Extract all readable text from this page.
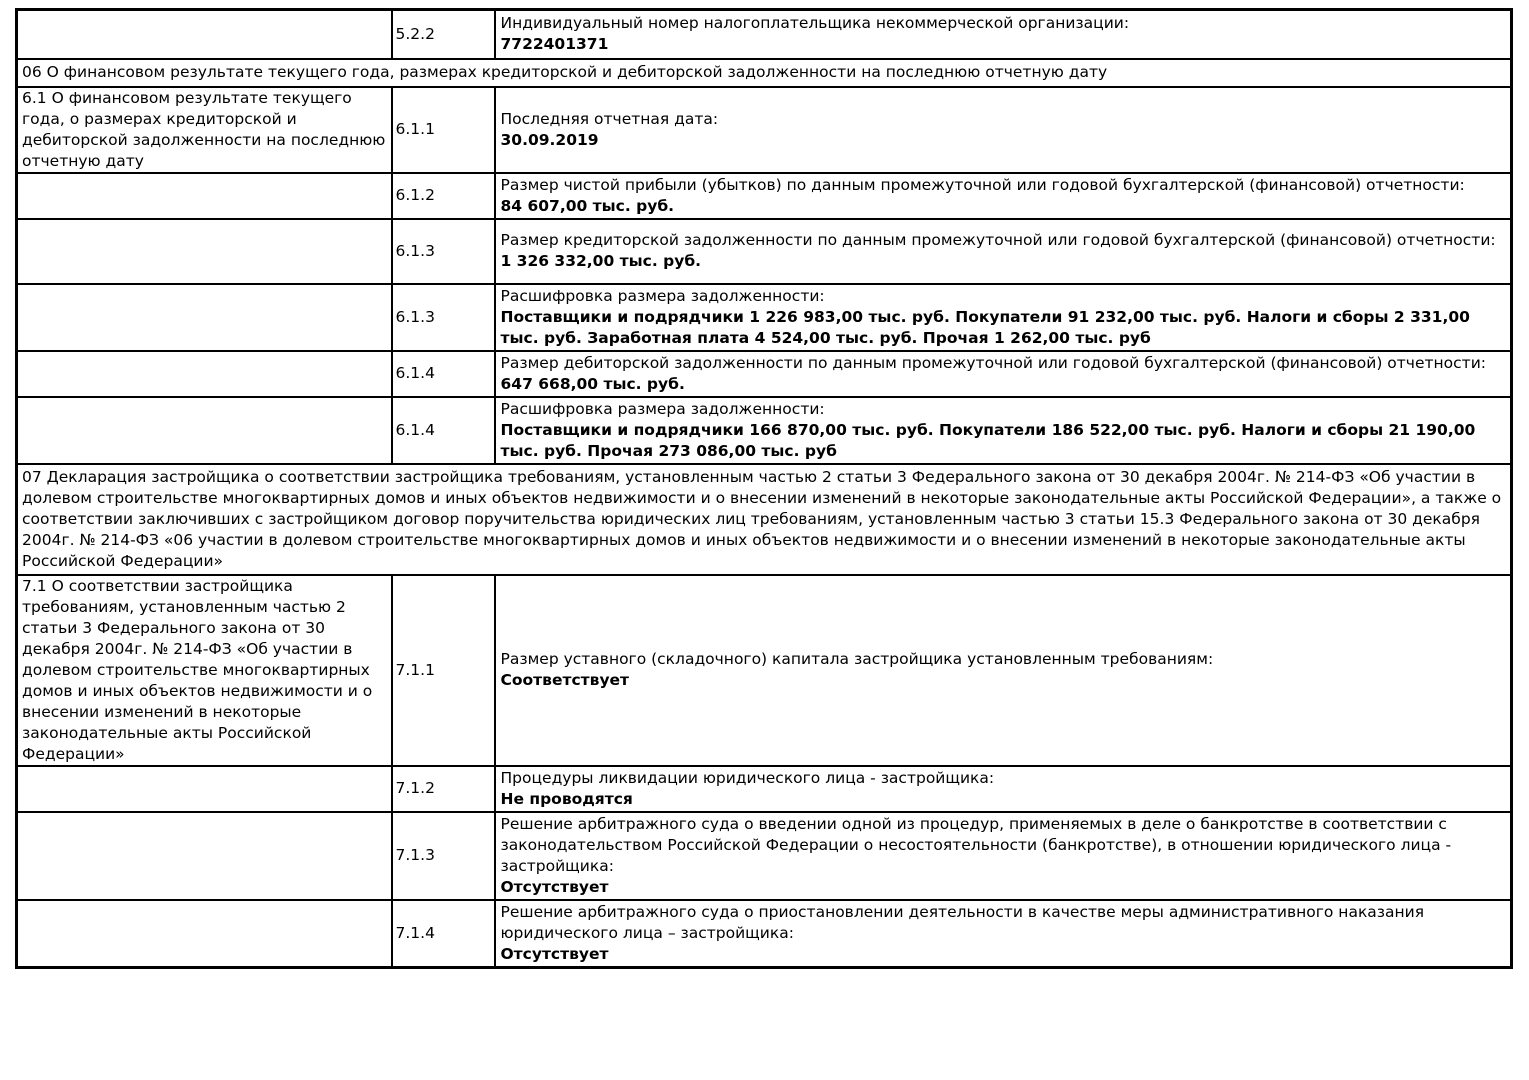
	5.2.2	Индивидуальный номер налогоплательщика некоммерческой организации:
7722401371

06 О финансовом результате текущего года, размерах кредиторской и дебиторской задолженности на последнюю отчетную дату		
6.1 О финансовом результате текущего года, о размерах кредиторской и дебиторской задолженности на последнюю отчетную дату	6.1.1	Последняя отчетная дата:
30.09.2019

	6.1.2	Размер чистой прибыли (убытков) по данным промежуточной или годовой бухгалтерской (финансовой) отчетности:
84 607,00 тыс. руб.

	6.1.3	Размер кредиторской задолженности по данным промежуточной или годовой бухгалтерской (финансовой) отчетности:
1 326 332,00 тыс. руб.

	6.1.3	Расшифровка размера задолженности:
Поставщики и подрядчики 1 226 983,00 тыс. руб. Покупатели 91 232,00 тыс. руб. Налоги и сборы 2 331,00 тыс. руб. Заработная плата 4 524,00 тыс. руб. Прочая 1 262,00 тыс. руб

	6.1.4	Размер дебиторской задолженности по данным промежуточной или годовой бухгалтерской (финансовой) отчетности:
647 668,00 тыс. руб.

	6.1.4	Расшифровка размера задолженности:
Поставщики и подрядчики 166 870,00 тыс. руб. Покупатели 186 522,00 тыс. руб. Налоги и сборы 21 190,00 тыс. руб. Прочая 273 086,00 тыс. руб

07 Декларация застройщика о соответствии застройщика требованиям, установленным частью 2 статьи 3 Федерального закона от 30 декабря 2004г. № 214-ФЗ «Об участии в долевом строительстве многоквартирных домов и иных объектов недвижимости и о внесении изменений в некоторые законодательные акты Российской Федерации», а также о соответствии заключивших с застройщиком договор поручительства юридических лиц требованиям, установленным частью 3 статьи 15.3 Федерального закона от 30 декабря 2004г. № 214-ФЗ «06 участии в долевом строительстве многоквартирных домов и иных объектов недвижимости и о внесении изменений в некоторые законодательные акты Российской Федерации»		
7.1 О соответствии застройщика требованиям, установленным частью 2 статьи 3 Федерального закона от 30 декабря 2004г. № 214-ФЗ «Об участии в долевом строительстве многоквартирных домов и иных объектов недвижимости и о внесении изменений в некоторые законодательные акты Российской Федерации»	7.1.1	Размер уставного (складочного) капитала застройщика установленным требованиям:
Соответствует

	7.1.2	Процедуры ликвидации юридического лица - застройщика:
Не проводятся

	7.1.3	Решение арбитражного суда о введении одной из процедур, применяемых в деле о банкротстве в соответствии с законодательством Российской Федерации о несостоятельности (банкротстве), в отношении юридического лица - застройщика:
Отсутствует

	7.1.4	Решение арбитражного суда о приостановлении деятельности в качестве меры административного наказания юридического лица – застройщика:
Отсутствует
